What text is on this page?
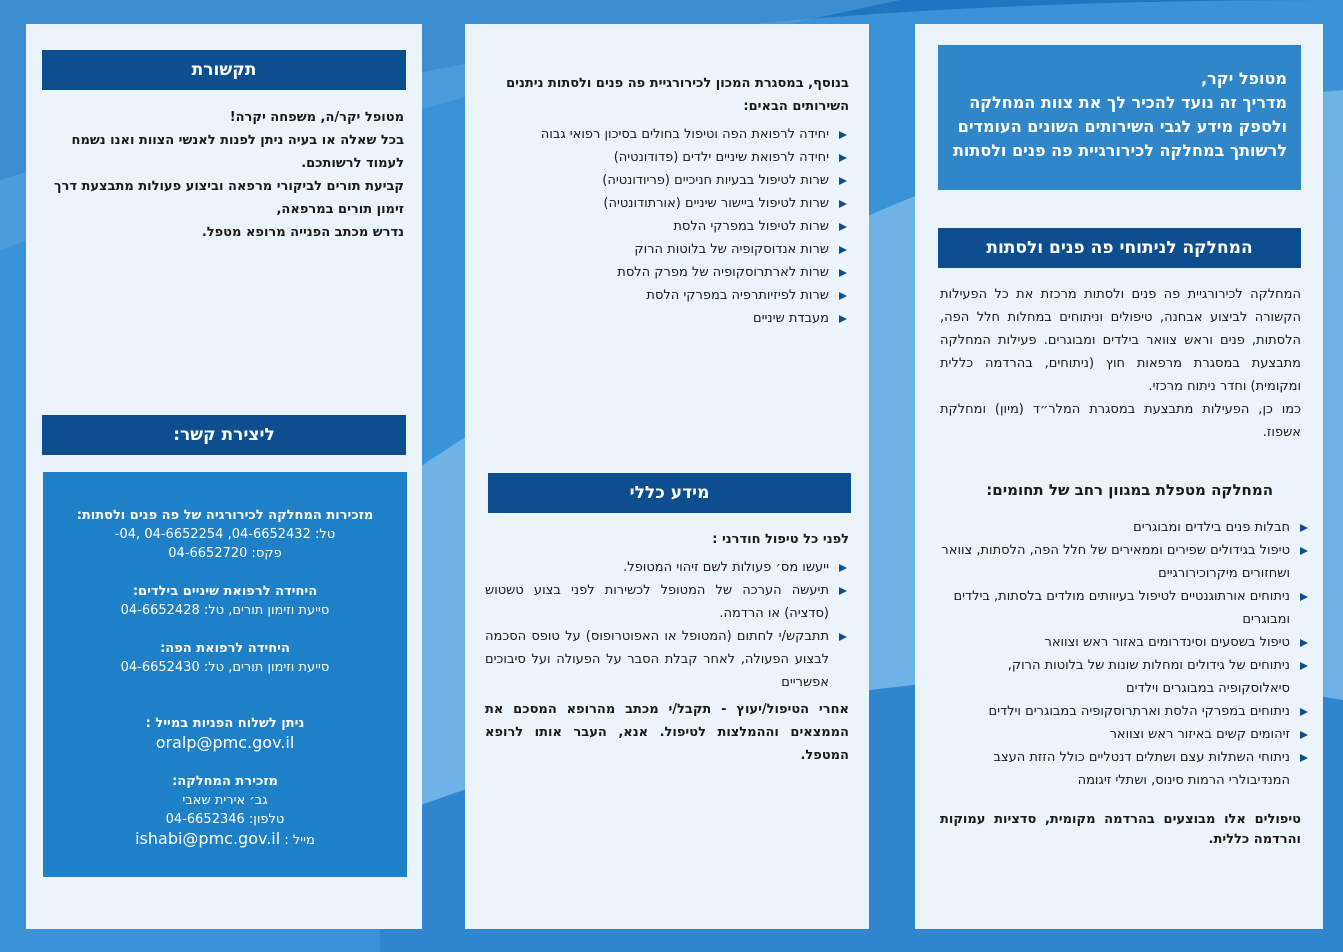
מטופל יקר,
מדריך זה נועד להכיר לך את צוות המחלקה
ולספק מידע לגבי השירותים השונים העומדים
לרשותך במחלקה לכירורגיית פה פנים ולסתות
המחלקה לניתוחי פה פנים ולסתות
המחלקה לכירורגיית פה פנים ולסתות מרכזת את כל הפעילות הקשורה לביצוע אבחנה, טיפולים וניתוחים במחלות חלל הפה, הלסתות, פנים וראש צוואר בילדים ומבוגרים. פעילות המחלקה מתבצעת במסגרת מרפאות חוץ (ניתוחים, בהרדמה כללית ומקומית) וחדר ניתוח מרכזי.
כמו כן, הפעילות מתבצעת במסגרת המלר״ד (מיון) ומחלקת אשפוז.
המחלקה מטפלת במגוון רחב של תחומים:
חבלות פנים בילדים ומבוגרים
טיפול בגידולים שפירים וממאירים של חלל הפה, הלסתות, צוואר ושחזורים מיקרוכירורגיים
ניתוחים אורתוגנטיים לטיפול בעיוותים מולדים בלסתות, בילדים ומבוגרים
טיפול בשסעים וסינדרומים באזור ראש וצוואר
ניתוחים של גידולים ומחלות שונות של בלוטות הרוק, סיאלוסקופיה במבוגרים וילדים
ניתוחים במפרקי הלסת וארתרוסקופיה במבוגרים וילדים
זיהומים קשים באיזור ראש וצוואר
ניתוחי השתלות עצם ושתלים דנטליים כולל הזזת העצב המנדיבולרי הרמות סינוס, ושתלי זיגומה
טיפולים אלו מבוצעים בהרדמה מקומית, סדציות עמוקות והרדמה כללית.
בנוסף, במסגרת המכון לכירורגיית פה פנים ולסתות ניתנים השירותים הבאים:
יחידה לרפואת הפה וטיפול בחולים בסיכון רפואי גבוה
יחידה לרפואת שיניים ילדים (פדודונטיה)
שרות לטיפול בבעיות חניכיים (פריודונטיה)
שרות לטיפול ביישור שיניים (אורתודונטיה)
שרות לטיפול במפרקי הלסת
שרות אנדוסקופיה של בלוטות הרוק
שרות לארתרוסקופיה של מפרק הלסת
שרות לפיזיותרפיה במפרקי הלסת
מעבדת שיניים
מידע כללי
לפני כל טיפול חודרני :
ייעשו מס׳ פעולות לשם זיהוי המטופל.
תיעשה הערכה של המטופל לכשירות לפני בצוע טשטוש (סדציה) או הרדמה.
תתבקש/י לחתום (המטופל או האפוטרופוס) על טופס הסכמה לבצוע הפעולה, לאחר קבלת הסבר על הפעולה ועל סיבוכים אפשריים
אחרי הטיפול/יעוץ - תקבל/י מכתב מהרופא המסכם את הממצאים וההמלצות לטיפול. אנא, העבר אותו לרופא המטפל.
תקשורת
מטופל יקר/ה, משפחה יקרה!
בכל שאלה או בעיה ניתן לפנות לאנשי הצוות ואנו נשמח לעמוד לרשותכם.
קביעת תורים לביקורי מרפאה וביצוע פעולות מתבצעת דרך זימון תורים במרפאה,
נדרש מכתב הפנייה מרופא מטפל.
ליצירת קשר:
מזכירות המחלקה לכירורגיה של פה פנים ולסתות:
טל: 04-6652432, 04-6652254 ,04-
פקס: 04-6652720
היחידה לרפואת שיניים בילדים:
סייעת וזימון תורים, טל: 04-6652428
היחידה לרפואת הפה:
סייעת וזימון תורים, טל: 04-6652430
ניתן לשלוח הפניות במייל :
oralp@pmc.gov.il
מזכירת המחלקה:
גב׳ אירית שאבי
טלפון: 04-6652346
מייל : ishabi@pmc.gov.il
